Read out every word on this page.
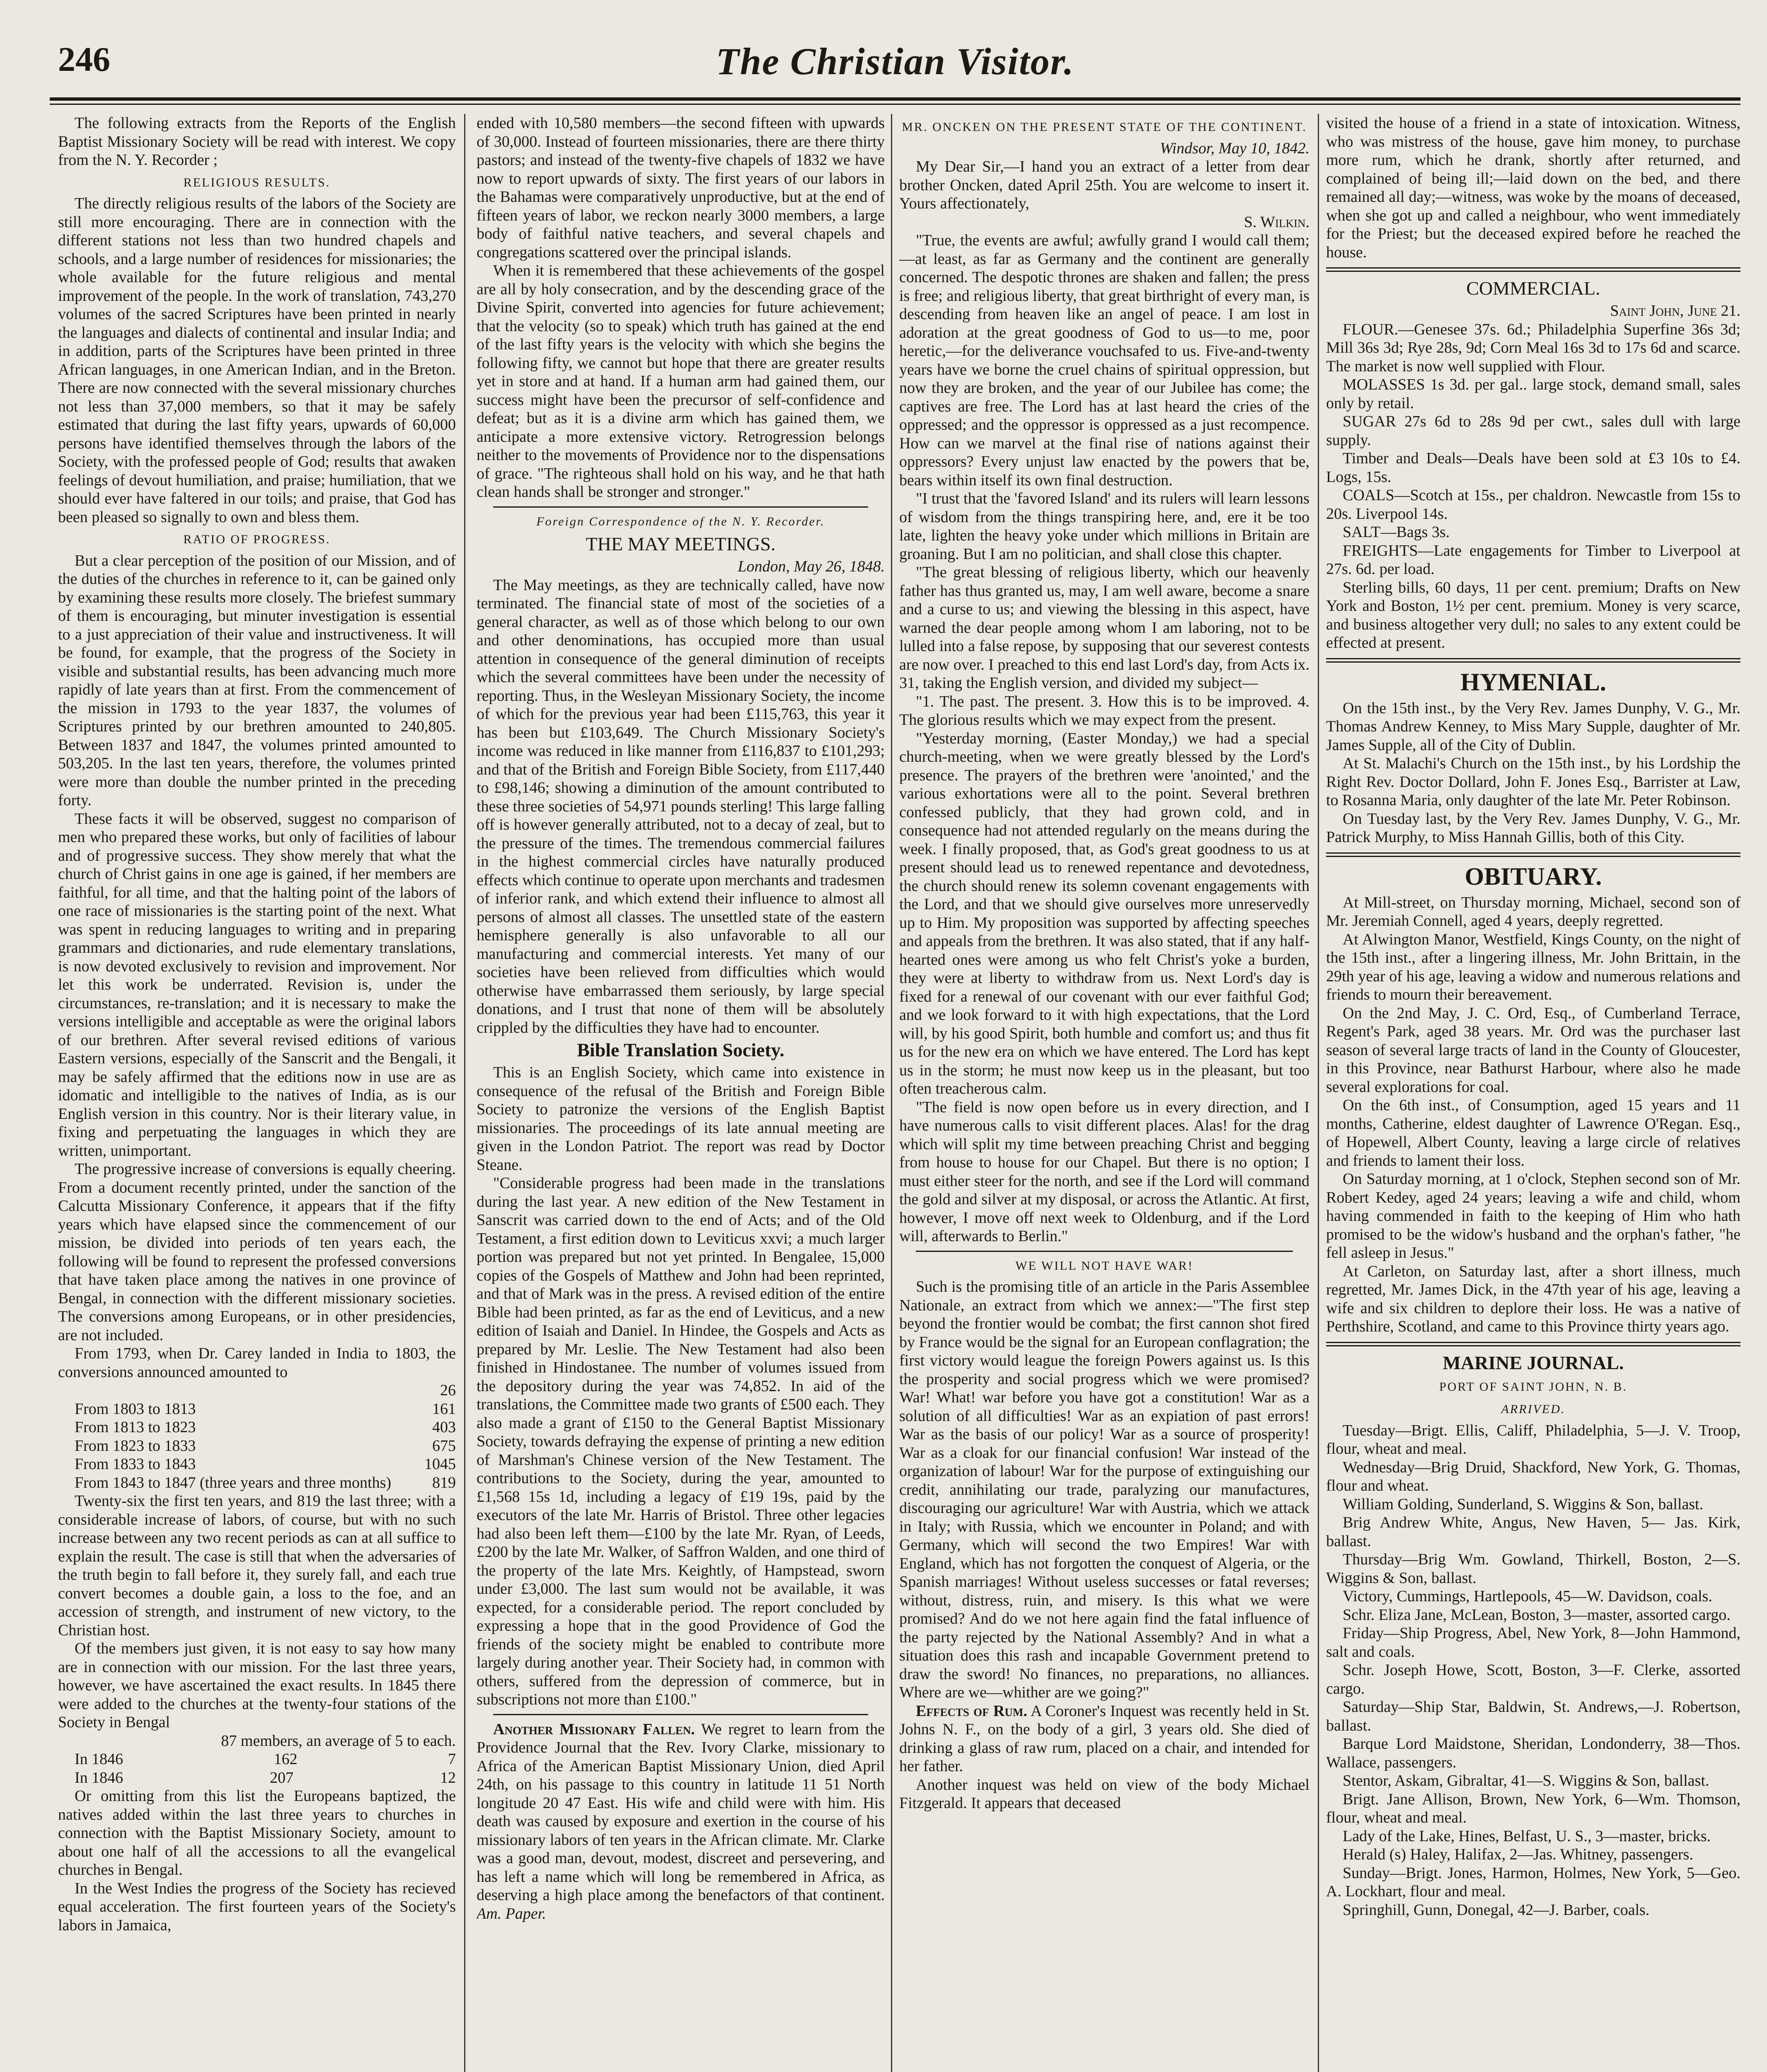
246	The Christian Visitor.

The following extracts from the Reports of the English Baptist Missionary Society will be read with interest. We copy from the N. Y. Recorder ;

RELIGIOUS RESULTS.

The directly religious results of the labors of the Society are still more encouraging. There are in connection with the different stations not less than two hundred chapels and schools, and a large number of residences for missionaries; the whole available for the future religious and mental improvement of the people. In the work of translation, 743,270 volumes of the sacred Scriptures have been printed in nearly the languages and dialects of continental and insular India; and in addition, parts of the Scriptures have been printed in three African languages, in one American Indian, and in the Breton. There are now connected with the several missionary churches not less than 37,000 members, so that it may be safely estimated that during the last fifty years, upwards of 60,000 persons have identified themselves through the labors of the Society, with the professed people of God; results that awaken feelings of devout humiliation, and praise; humiliation, that we should ever have faltered in our toils; and praise, that God has been pleased so signally to own and bless them.

RATIO OF PROGRESS.

But a clear perception of the position of our Mission, and of the duties of the churches in reference to it, can be gained only by examining these results more closely. The briefest summary of them is encouraging, but minuter investigation is essential to a just appreciation of their value and instructiveness. It will be found, for example, that the progress of the Society in visible and substantial results, has been advancing much more rapidly of late years than at first. From the commencement of the mission in 1793 to the year 1837, the volumes of Scriptures printed by our brethren amounted to 240,805. Between 1837 and 1847, the volumes printed amounted to 503,205. In the last ten years, therefore, the volumes printed were more than double the number printed in the preceding forty.

These facts it will be observed, suggest no comparison of men who prepared these works, but only of facilities of labour and of progressive success. They show merely that what the church of Christ gains in one age is gained, if her members are faithful, for all time, and that the halting point of the labors of one race of missionaries is the starting point of the next. What was spent in reducing languages to writing and in preparing grammars and dictionaries, and rude elementary translations, is now devoted exclusively to revision and improvement. Nor let this work be underrated. Revision is, under the circumstances, re-translation; and it is necessary to make the versions intelligible and acceptable as were the original labors of our brethren. After several revised editions of various Eastern versions, especially of the Sanscrit and the Bengali, it may be safely affirmed that the editions now in use are as idomatic and intelligible to the natives of India, as is our English version in this country. Nor is their literary value, in fixing and perpetuating the languages in which they are written, unimportant.

The progressive increase of conversions is equally cheering. From a document recently printed, under the sanction of the Calcutta Missionary Conference, it appears that if the fifty years which have elapsed since the commencement of our mission, be divided into periods of ten years each, the following will be found to represent the professed conversions that have taken place among the natives in one province of Bengal, in connection with the different missionary societies. The conversions among Europeans, or in other presidencies, are not included.

From 1793, when Dr. Carey landed in India to 1803, the conversions announced amounted to

26
From 1803 to 1813	161
From 1813 to 1823	403
From 1823 to 1833	675
From 1833 to 1843	1045
From 1843 to 1847 (three years and three months)	819

Twenty-six the first ten years, and 819 the last three; with a considerable increase of labors, of course, but with no such increase between any two recent periods as can at all suffice to explain the result. The case is still that when the adversaries of the truth begin to fall before it, they surely fall, and each true convert becomes a double gain, a loss to the foe, and an accession of strength, and instrument of new victory, to the Christian host.

Of the members just given, it is not easy to say how many are in connection with our mission. For the last three years, however, we have ascertained the exact results. In 1845 there were added to the churches at the twenty-four stations of the Society in Bengal

87 members, an average of 5 to each.
In 1846	162	7
In 1846	207	12

Or omitting from this list the Europeans baptized, the natives added within the last three years to churches in connection with the Baptist Missionary Society, amount to about one half of all the accessions to all the evangelical churches in Bengal.

In the West Indies the progress of the Society has recieved equal acceleration. The first fourteen years of the Society's labors in Jamaica,

ended with 10,580 members—the second fifteen with upwards of 30,000. Instead of fourteen missionaries, there are there thirty pastors; and instead of the twenty-five chapels of 1832 we have now to report upwards of sixty. The first years of our labors in the Bahamas were comparatively unproductive, but at the end of fifteen years of labor, we reckon nearly 3000 members, a large body of faithful native teachers, and several chapels and congregations scattered over the principal islands.

When it is remembered that these achievements of the gospel are all by holy consecration, and by the descending grace of the Divine Spirit, converted into agencies for future achievement; that the velocity (so to speak) which truth has gained at the end of the last fifty years is the velocity with which she begins the following fifty, we cannot but hope that there are greater results yet in store and at hand. If a human arm had gained them, our success might have been the precursor of self-confidence and defeat; but as it is a divine arm which has gained them, we anticipate a more extensive victory. Retrogression belongs neither to the movements of Providence nor to the dispensations of grace. "The righteous shall hold on his way, and he that hath clean hands shall be stronger and stronger."

Foreign Correspondence of the N. Y. Recorder.
THE MAY MEETINGS.
London, May 26, 1848.

The May meetings, as they are technically called, have now terminated. The financial state of most of the societies of a general character, as well as of those which belong to our own and other denominations, has occupied more than usual attention in consequence of the general diminution of receipts which the several committees have been under the necessity of reporting. Thus, in the Wesleyan Missionary Society, the income of which for the previous year had been £115,763, this year it has been but £103,649. The Church Missionary Society's income was reduced in like manner from £116,837 to £101,293; and that of the British and Foreign Bible Society, from £117,440 to £98,146; showing a diminution of the amount contributed to these three societies of 54,971 pounds sterling! This large falling off is however generally attributed, not to a decay of zeal, but to the pressure of the times. The tremendous commercial failures in the highest commercial circles have naturally produced effects which continue to operate upon merchants and tradesmen of inferior rank, and which extend their influence to almost all persons of almost all classes. The unsettled state of the eastern hemisphere generally is also unfavorable to all our manufacturing and commercial interests. Yet many of our societies have been relieved from difficulties which would otherwise have embarrassed them seriously, by large special donations, and I trust that none of them will be absolutely crippled by the difficulties they have had to encounter.

Bible Translation Society.

This is an English Society, which came into existence in consequence of the refusal of the British and Foreign Bible Society to patronize the versions of the English Baptist missionaries. The proceedings of its late annual meeting are given in the London Patriot. The report was read by Doctor Steane.

"Considerable progress had been made in the translations during the last year. A new edition of the New Testament in Sanscrit was carried down to the end of Acts; and of the Old Testament, a first edition down to Leviticus xxvi; a much larger portion was prepared but not yet printed. In Bengalee, 15,000 copies of the Gospels of Matthew and John had been reprinted, and that of Mark was in the press. A revised edition of the entire Bible had been printed, as far as the end of Leviticus, and a new edition of Isaiah and Daniel. In Hindee, the Gospels and Acts as prepared by Mr. Leslie. The New Testament had also been finished in Hindostanee. The number of volumes issued from the depository during the year was 74,852. In aid of the translations, the Committee made two grants of £500 each. They also made a grant of £150 to the General Baptist Missionary Society, towards defraying the expense of printing a new edition of Marshman's Chinese version of the New Testament. The contributions to the Society, during the year, amounted to £1,568 15s 1d, including a legacy of £19 19s, paid by the executors of the late Mr. Harris of Bristol. Three other legacies had also been left them—£100 by the late Mr. Ryan, of Leeds, £200 by the late Mr. Walker, of Saffron Walden, and one third of the property of the late Mrs. Keightly, of Hampstead, sworn under £3,000. The last sum would not be available, it was expected, for a considerable period. The report concluded by expressing a hope that in the good Providence of God the friends of the society might be enabled to contribute more largely during another year. Their Society had, in common with others, suffered from the depression of commerce, but in subscriptions not more than £100."

Another Missionary Fallen. We regret to learn from the Providence Journal that the Rev. Ivory Clarke, missionary to Africa of the American Baptist Missionary Union, died April 24th, on his passage to this country in latitude 11 51 North longitude 20 47 East. His wife and child were with him. His death was caused by exposure and exertion in the course of his missionary labors of ten years in the African climate. Mr. Clarke was a good man, devout, modest, discreet and persevering, and has left a name which will long be remembered in Africa, as deserving a high place among the benefactors of that continent. Am. Paper.

MR. ONCKEN ON THE PRESENT STATE OF THE CONTINENT.
Windsor, May 10, 1842.

My Dear Sir,—I hand you an extract of a letter from dear brother Oncken, dated April 25th. You are welcome to insert it. Yours affectionately,

S. Wilkin.

"True, the events are awful; awfully grand I would call them;—at least, as far as Germany and the continent are generally concerned. The despotic thrones are shaken and fallen; the press is free; and religious liberty, that great birthright of every man, is descending from heaven like an angel of peace. I am lost in adoration at the great goodness of God to us—to me, poor heretic,—for the deliverance vouchsafed to us. Five-and-twenty years have we borne the cruel chains of spiritual oppression, but now they are broken, and the year of our Jubilee has come; the captives are free. The Lord has at last heard the cries of the oppressed; and the oppressor is oppressed as a just recompence. How can we marvel at the final rise of nations against their oppressors? Every unjust law enacted by the powers that be, bears within itself its own final destruction.

"I trust that the 'favored Island' and its rulers will learn lessons of wisdom from the things transpiring here, and, ere it be too late, lighten the heavy yoke under which millions in Britain are groaning. But I am no politician, and shall close this chapter.

"The great blessing of religious liberty, which our heavenly father has thus granted us, may, I am well aware, become a snare and a curse to us; and viewing the blessing in this aspect, have warned the dear people among whom I am laboring, not to be lulled into a false repose, by supposing that our severest contests are now over. I preached to this end last Lord's day, from Acts ix. 31, taking the English version, and divided my subject—

"1. The past. The present. 3. How this is to be improved. 4. The glorious results which we may expect from the present.

"Yesterday morning, (Easter Monday,) we had a special church-meeting, when we were greatly blessed by the Lord's presence. The prayers of the brethren were 'anointed,' and the various exhortations were all to the point. Several brethren confessed publicly, that they had grown cold, and in consequence had not attended regularly on the means during the week. I finally proposed, that, as God's great goodness to us at present should lead us to renewed repentance and devotedness, the church should renew its solemn covenant engagements with the Lord, and that we should give ourselves more unreservedly up to Him. My proposition was supported by affecting speeches and appeals from the brethren. It was also stated, that if any half-hearted ones were among us who felt Christ's yoke a burden, they were at liberty to withdraw from us. Next Lord's day is fixed for a renewal of our covenant with our ever faithful God; and we look forward to it with high expectations, that the Lord will, by his good Spirit, both humble and comfort us; and thus fit us for the new era on which we have entered. The Lord has kept us in the storm; he must now keep us in the pleasant, but too often treacherous calm.

"The field is now open before us in every direction, and I have numerous calls to visit different places. Alas! for the drag which will split my time between preaching Christ and begging from house to house for our Chapel. But there is no option; I must either steer for the north, and see if the Lord will command the gold and silver at my disposal, or across the Atlantic. At first, however, I move off next week to Oldenburg, and if the Lord will, afterwards to Berlin."

WE WILL NOT HAVE WAR!

Such is the promising title of an article in the Paris Assemblee Nationale, an extract from which we annex:—"The first step beyond the frontier would be combat; the first cannon shot fired by France would be the signal for an European conflagration; the first victory would league the foreign Powers against us. Is this the prosperity and social progress which we were promised? War! What! war before you have got a constitution! War as a solution of all difficulties! War as an expiation of past errors! War as the basis of our policy! War as a source of prosperity! War as a cloak for our financial confusion! War instead of the organization of labour! War for the purpose of extinguishing our credit, annihilating our trade, paralyzing our manufactures, discouraging our agriculture! War with Austria, which we attack in Italy; with Russia, which we encounter in Poland; and with Germany, which will second the two Empires! War with England, which has not forgotten the conquest of Algeria, or the Spanish marriages! Without useless successes or fatal reverses; without, distress, ruin, and misery. Is this what we were promised? And do we not here again find the fatal influence of the party rejected by the National Assembly? And in what a situation does this rash and incapable Government pretend to draw the sword! No finances, no preparations, no alliances. Where are we—whither are we going?"

Effects of Rum. A Coroner's Inquest was recently held in St. Johns N. F., on the body of a girl, 3 years old. She died of drinking a glass of raw rum, placed on a chair, and intended for her father.

Another inquest was held on view of the body Michael Fitzgerald. It appears that deceased

visited the house of a friend in a state of intoxication. Witness, who was mistress of the house, gave him money, to purchase more rum, which he drank, shortly after returned, and complained of being ill;—laid down on the bed, and there remained all day;—witness, was woke by the moans of deceased, when she got up and called a neighbour, who went immediately for the Priest; but the deceased expired before he reached the house.

COMMERCIAL.
Saint John, June 21.

FLOUR.—Genesee 37s. 6d.; Philadelphia Superfine 36s 3d; Mill 36s 3d; Rye 28s, 9d; Corn Meal 16s 3d to 17s 6d and scarce. The market is now well supplied with Flour.

MOLASSES 1s 3d. per gal.. large stock, demand small, sales only by retail.

SUGAR 27s 6d to 28s 9d per cwt., sales dull with large supply.

Timber and Deals—Deals have been sold at £3 10s to £4. Logs, 15s.

COALS—Scotch at 15s., per chaldron. Newcastle from 15s to 20s. Liverpool 14s.

SALT—Bags 3s.

FREIGHTS—Late engagements for Timber to Liverpool at 27s. 6d. per load.

Sterling bills, 60 days, 11 per cent. premium; Drafts on New York and Boston, 1½ per cent. premium. Money is very scarce, and business altogether very dull; no sales to any extent could be effected at present.

HYMENIAL.

On the 15th inst., by the Very Rev. James Dunphy, V. G., Mr. Thomas Andrew Kenney, to Miss Mary Supple, daughter of Mr. James Supple, all of the City of Dublin.

At St. Malachi's Church on the 15th inst., by his Lordship the Right Rev. Doctor Dollard, John F. Jones Esq., Barrister at Law, to Rosanna Maria, only daughter of the late Mr. Peter Robinson.

On Tuesday last, by the Very Rev. James Dunphy, V. G., Mr. Patrick Murphy, to Miss Hannah Gillis, both of this City.

OBITUARY.

At Mill-street, on Thursday morning, Michael, second son of Mr. Jeremiah Connell, aged 4 years, deeply regretted.

At Alwington Manor, Westfield, Kings County, on the night of the 15th inst., after a lingering illness, Mr. John Brittain, in the 29th year of his age, leaving a widow and numerous relations and friends to mourn their bereavement.

On the 2nd May, J. C. Ord, Esq., of Cumberland Terrace, Regent's Park, aged 38 years. Mr. Ord was the purchaser last season of several large tracts of land in the County of Gloucester, in this Province, near Bathurst Harbour, where also he made several explorations for coal.

On the 6th inst., of Consumption, aged 15 years and 11 months, Catherine, eldest daughter of Lawrence O'Regan. Esq., of Hopewell, Albert County, leaving a large circle of relatives and friends to lament their loss.

On Saturday morning, at 1 o'clock, Stephen second son of Mr. Robert Kedey, aged 24 years; leaving a wife and child, whom having commended in faith to the keeping of Him who hath promised to be the widow's husband and the orphan's father, "he fell asleep in Jesus."

At Carleton, on Saturday last, after a short illness, much regretted, Mr. James Dick, in the 47th year of his age, leaving a wife and six children to deplore their loss. He was a native of Perthshire, Scotland, and came to this Province thirty years ago.

MARINE JOURNAL.
PORT OF SAINT JOHN, N. B.
ARRIVED.

Tuesday—Brigt. Ellis, Califf, Philadelphia, 5—J. V. Troop, flour, wheat and meal.

Wednesday—Brig Druid, Shackford, New York, G. Thomas, flour and wheat.

William Golding, Sunderland, S. Wiggins & Son, ballast.

Brig Andrew White, Angus, New Haven, 5— Jas. Kirk, ballast.

Thursday—Brig Wm. Gowland, Thirkell, Boston, 2—S. Wiggins & Son, ballast.

Victory, Cummings, Hartlepools, 45—W. Davidson, coals.

Schr. Eliza Jane, McLean, Boston, 3—master, assorted cargo.

Friday—Ship Progress, Abel, New York, 8—John Hammond, salt and coals.

Schr. Joseph Howe, Scott, Boston, 3—F. Clerke, assorted cargo.

Saturday—Ship Star, Baldwin, St. Andrews,—J. Robertson, ballast.

Barque Lord Maidstone, Sheridan, Londonderry, 38—Thos. Wallace, passengers.

Stentor, Askam, Gibraltar, 41—S. Wiggins & Son, ballast.

Brigt. Jane Allison, Brown, New York, 6—Wm. Thomson, flour, wheat and meal.

Lady of the Lake, Hines, Belfast, U. S., 3—master, bricks.

Herald (s) Haley, Halifax, 2—Jas. Whitney, passengers.

Sunday—Brigt. Jones, Harmon, Holmes, New York, 5—Geo. A. Lockhart, flour and meal.

Springhill, Gunn, Donegal, 42—J. Barber, coals.
